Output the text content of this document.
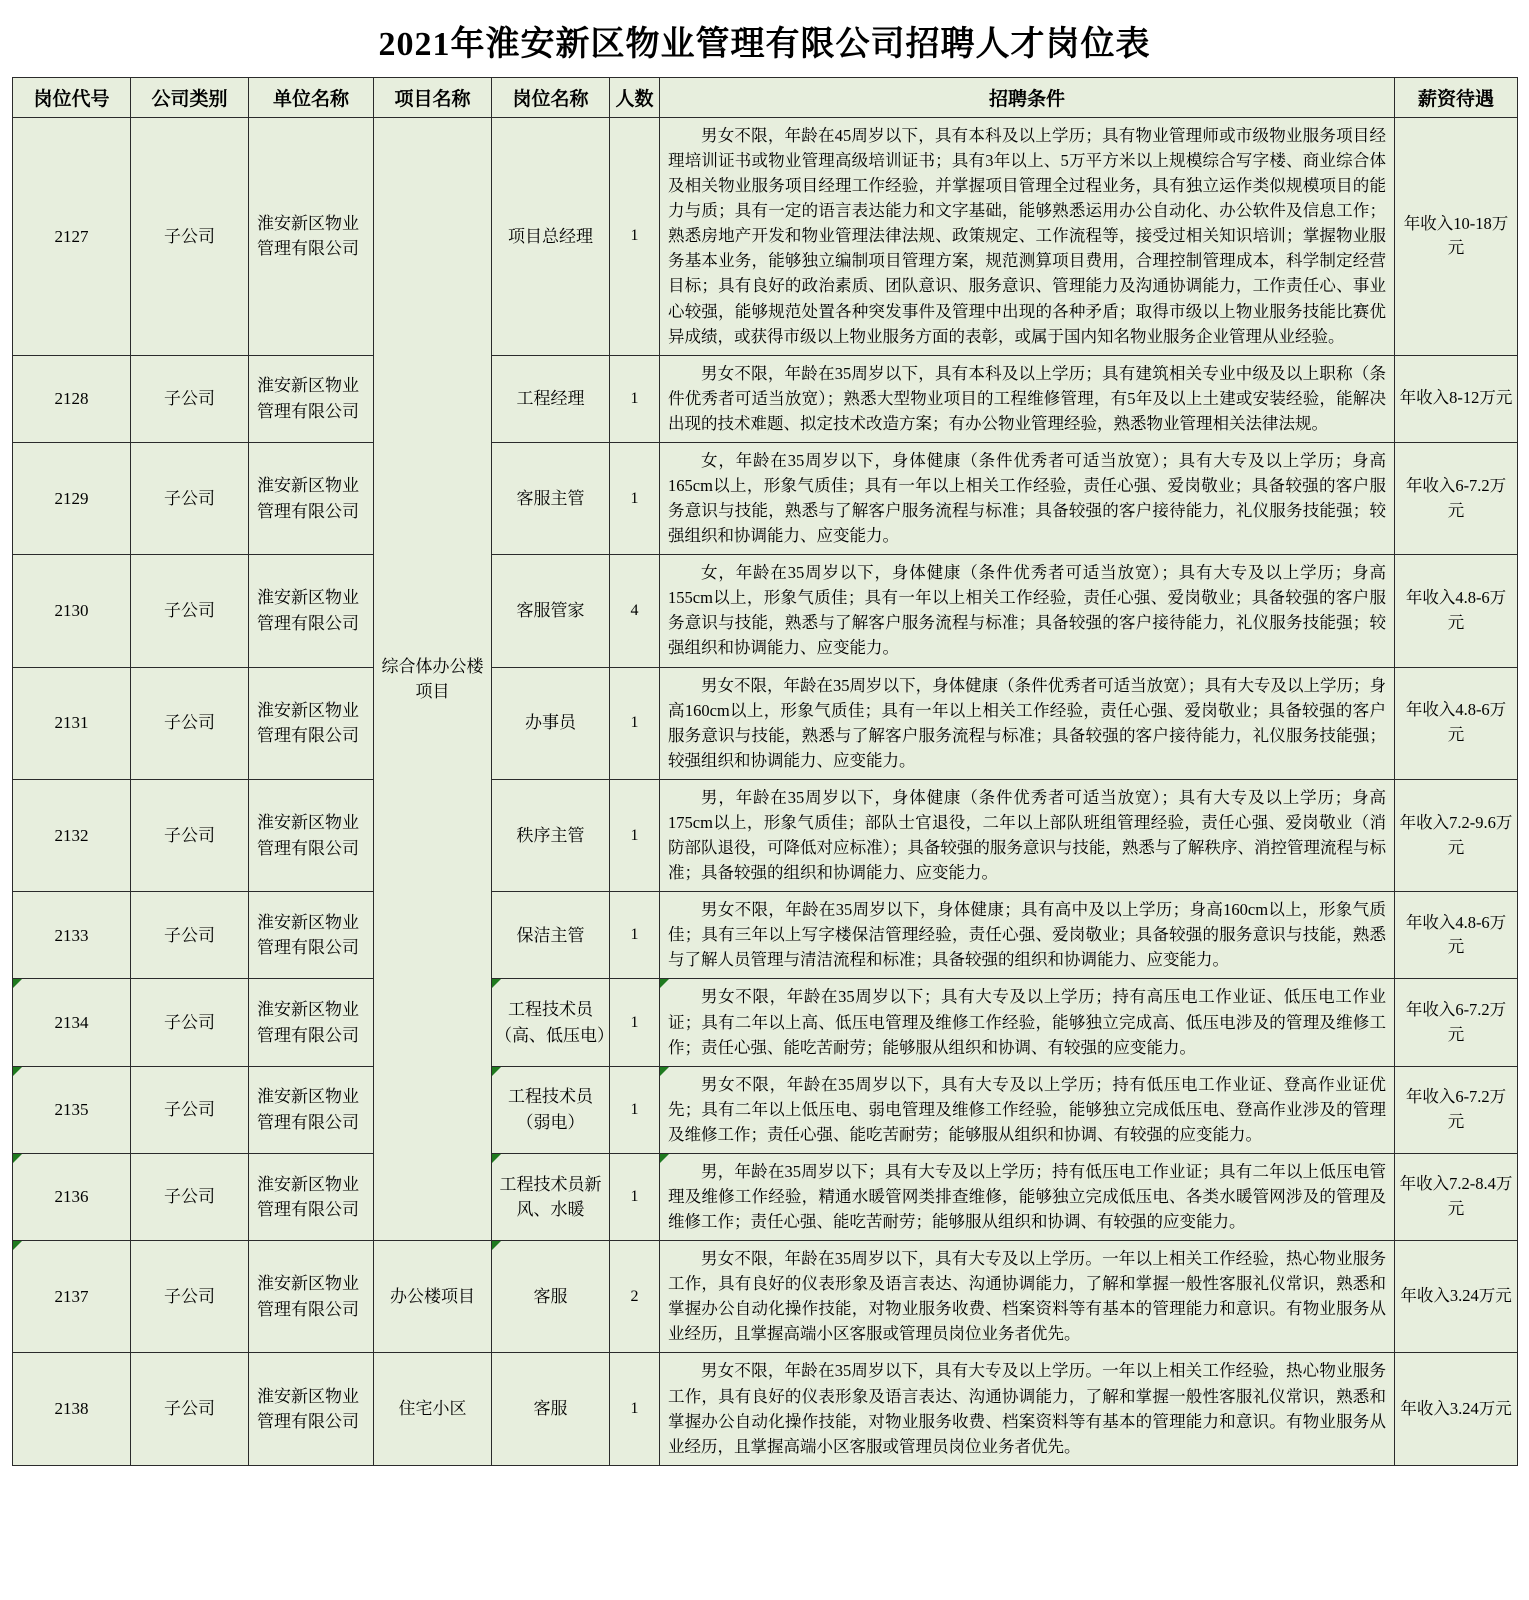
2021年淮安新区物业管理有限公司招聘人才岗位表
岗位代号	公司类别	单位名称	项目名称	岗位名称	人数	招聘条件	薪资待遇
2127	子公司	淮安新区物业管理有限公司	综合体办公楼项目	项目总经理	1	男女不限，年龄在45周岁以下，具有本科及以上学历；具有物业管理师或市级物业服务项目经理培训证书或物业管理高级培训证书；具有3年以上、5万平方米以上规模综合写字楼、商业综合体及相关物业服务项目经理工作经验，并掌握项目管理全过程业务，具有独立运作类似规模项目的能力与质；具有一定的语言表达能力和文字基础，能够熟悉运用办公自动化、办公软件及信息工作；熟悉房地产开发和物业管理法律法规、政策规定、工作流程等，接受过相关知识培训；掌握物业服务基本业务，能够独立编制项目管理方案，规范测算项目费用，合理控制管理成本，科学制定经营目标；具有良好的政治素质、团队意识、服务意识、管理能力及沟通协调能力，工作责任心、事业心较强，能够规范处置各种突发事件及管理中出现的各种矛盾；取得市级以上物业服务技能比赛优异成绩，或获得市级以上物业服务方面的表彰，或属于国内知名物业服务企业管理从业经验。	年收入10-18万元
2128	子公司	淮安新区物业管理有限公司		工程经理	1	男女不限，年龄在35周岁以下，具有本科及以上学历；具有建筑相关专业中级及以上职称（条件优秀者可适当放宽）；熟悉大型物业项目的工程维修管理，有5年及以上土建或安装经验，能解决出现的技术难题、拟定技术改造方案；有办公物业管理经验，熟悉物业管理相关法律法规。	年收入8-12万元
2129	子公司	淮安新区物业管理有限公司		客服主管	1	女，年龄在35周岁以下，身体健康（条件优秀者可适当放宽）；具有大专及以上学历；身高165cm以上，形象气质佳；具有一年以上相关工作经验，责任心强、爱岗敬业；具备较强的客户服务意识与技能，熟悉与了解客户服务流程与标准；具备较强的客户接待能力，礼仪服务技能强；较强组织和协调能力、应变能力。	年收入6-7.2万元
2130	子公司	淮安新区物业管理有限公司		客服管家	4	女，年龄在35周岁以下，身体健康（条件优秀者可适当放宽）；具有大专及以上学历；身高155cm以上，形象气质佳；具有一年以上相关工作经验，责任心强、爱岗敬业；具备较强的客户服务意识与技能，熟悉与了解客户服务流程与标准；具备较强的客户接待能力，礼仪服务技能强；较强组织和协调能力、应变能力。	年收入4.8-6万元
2131	子公司	淮安新区物业管理有限公司		办事员	1	男女不限，年龄在35周岁以下，身体健康（条件优秀者可适当放宽）；具有大专及以上学历；身高160cm以上，形象气质佳；具有一年以上相关工作经验，责任心强、爱岗敬业；具备较强的客户服务意识与技能，熟悉与了解客户服务流程与标准；具备较强的客户接待能力，礼仪服务技能强；较强组织和协调能力、应变能力。	年收入4.8-6万元
2132	子公司	淮安新区物业管理有限公司		秩序主管	1	男，年龄在35周岁以下，身体健康（条件优秀者可适当放宽）；具有大专及以上学历；身高175cm以上，形象气质佳；部队士官退役，二年以上部队班组管理经验，责任心强、爱岗敬业（消防部队退役，可降低对应标准）；具备较强的服务意识与技能，熟悉与了解秩序、消控管理流程与标准；具备较强的组织和协调能力、应变能力。	年收入7.2-9.6万元
2133	子公司	淮安新区物业管理有限公司		保洁主管	1	男女不限，年龄在35周岁以下，身体健康；具有高中及以上学历；身高160cm以上，形象气质佳；具有三年以上写字楼保洁管理经验，责任心强、爱岗敬业；具备较强的服务意识与技能，熟悉与了解人员管理与清洁流程和标准；具备较强的组织和协调能力、应变能力。	年收入4.8-6万元
2134	子公司	淮安新区物业管理有限公司		工程技术员（高、低压电）	1	男女不限，年龄在35周岁以下；具有大专及以上学历；持有高压电工作业证、低压电工作业证；具有二年以上高、低压电管理及维修工作经验，能够独立完成高、低压电涉及的管理及维修工作；责任心强、能吃苦耐劳；能够服从组织和协调、有较强的应变能力。	年收入6-7.2万元
2135	子公司	淮安新区物业管理有限公司		工程技术员（弱电）	1	男女不限，年龄在35周岁以下，具有大专及以上学历；持有低压电工作业证、登高作业证优先；具有二年以上低压电、弱电管理及维修工作经验，能够独立完成低压电、登高作业涉及的管理及维修工作；责任心强、能吃苦耐劳；能够服从组织和协调、有较强的应变能力。	年收入6-7.2万元
2136	子公司	淮安新区物业管理有限公司		工程技术员新风、水暖	1	男，年龄在35周岁以下；具有大专及以上学历；持有低压电工作业证；具有二年以上低压电管理及维修工作经验，精通水暖管网类排查维修，能够独立完成低压电、各类水暖管网涉及的管理及维修工作；责任心强、能吃苦耐劳；能够服从组织和协调、有较强的应变能力。	年收入7.2-8.4万元
2137	子公司	淮安新区物业管理有限公司	办公楼项目	客服	2	男女不限，年龄在35周岁以下，具有大专及以上学历。一年以上相关工作经验，热心物业服务工作，具有良好的仪表形象及语言表达、沟通协调能力，了解和掌握一般性客服礼仪常识，熟悉和掌握办公自动化操作技能，对物业服务收费、档案资料等有基本的管理能力和意识。有物业服务从业经历，且掌握高端小区客服或管理员岗位业务者优先。	年收入3.24万元
2138	子公司	淮安新区物业管理有限公司	住宅小区	客服	1	男女不限，年龄在35周岁以下，具有大专及以上学历。一年以上相关工作经验，热心物业服务工作，具有良好的仪表形象及语言表达、沟通协调能力，了解和掌握一般性客服礼仪常识，熟悉和掌握办公自动化操作技能，对物业服务收费、档案资料等有基本的管理能力和意识。有物业服务从业经历，且掌握高端小区客服或管理员岗位业务者优先。	年收入3.24万元
